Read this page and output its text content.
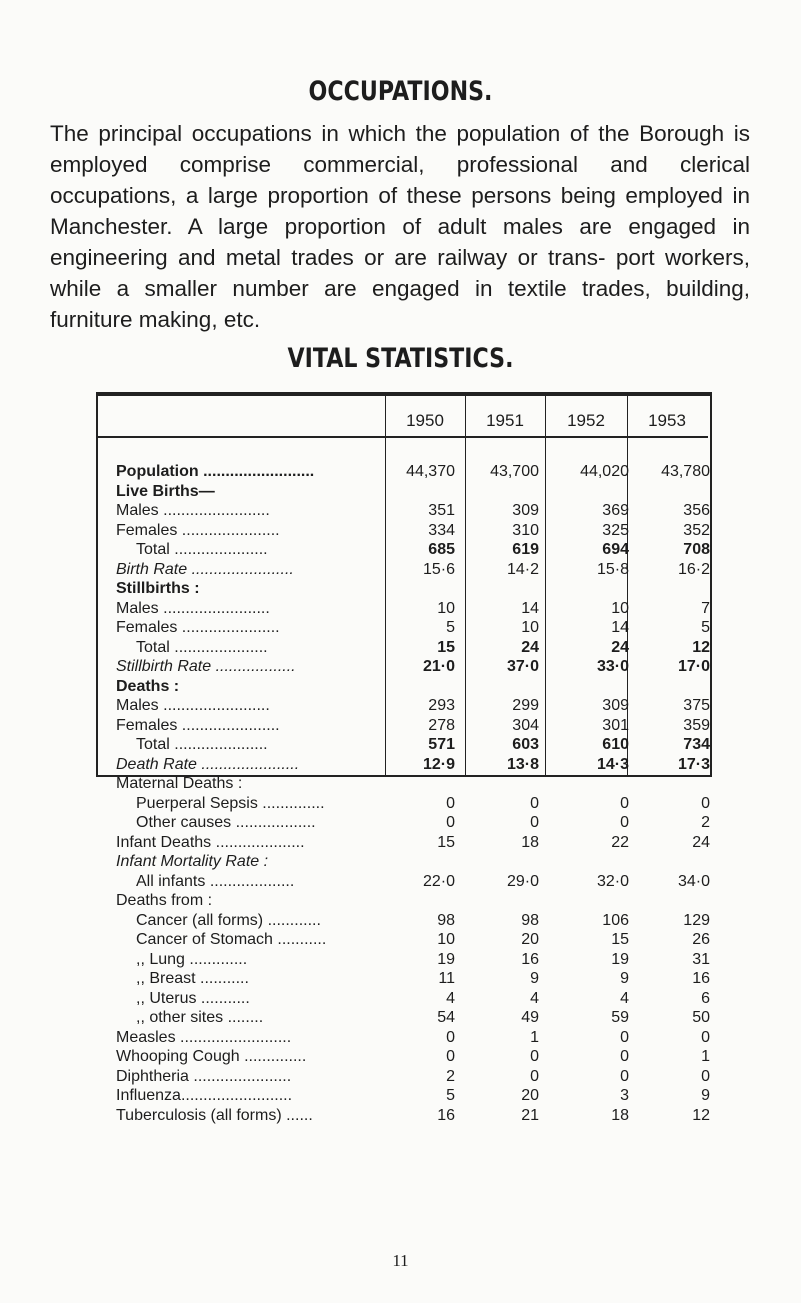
OCCUPATIONS.
The principal occupations in which the population of the Borough is employed comprise commercial, professional and clerical occupations, a large proportion of these persons being employed in Manchester. A large proportion of adult males are engaged in engineering and metal trades or are railway or trans- port workers, while a smaller number are engaged in textile trades, building, furniture making, etc.
VITAL STATISTICS.
1950	1951	1952	1953
Population .........................	44,370	43,700	44,020	43,780
Live Births—
Males ........................	351	309	369	356
Females ......................	334	310	325	352
Total .....................	685	619	694	708
Birth Rate .......................	15·6	14·2	15·8	16·2
Stillbirths :
Males ........................	10	14	10	7
Females ......................	5	10	14	5
Total .....................	15	24	24	12
Stillbirth Rate ..................	21·0	37·0	33·0	17·0
Deaths :
Males ........................	293	299	309	375
Females ......................	278	304	301	359
Total .....................	571	603	610	734
Death Rate ......................	12·9	13·8	14·3	17·3
Maternal Deaths :
Puerperal Sepsis ..............	0	0	0	0
Other causes ..................	0	0	0	2
Infant Deaths ....................	15	18	22	24
Infant Mortality Rate :
All infants ...................	22·0	29·0	32·0	34·0
Deaths from :
Cancer (all forms) ............	98	98	106	129
Cancer of Stomach ...........	10	20	15	26
,, Lung .............	19	16	19	31
,, Breast ...........	11	9	9	16
,, Uterus ...........	4	4	4	6
,, other sites ........	54	49	59	50
Measles .........................	0	1	0	0
Whooping Cough ..............	0	0	0	1
Diphtheria ......................	2	0	0	0
Influenza.........................	5	20	3	9
Tuberculosis (all forms) ......	16	21	18	12
11
